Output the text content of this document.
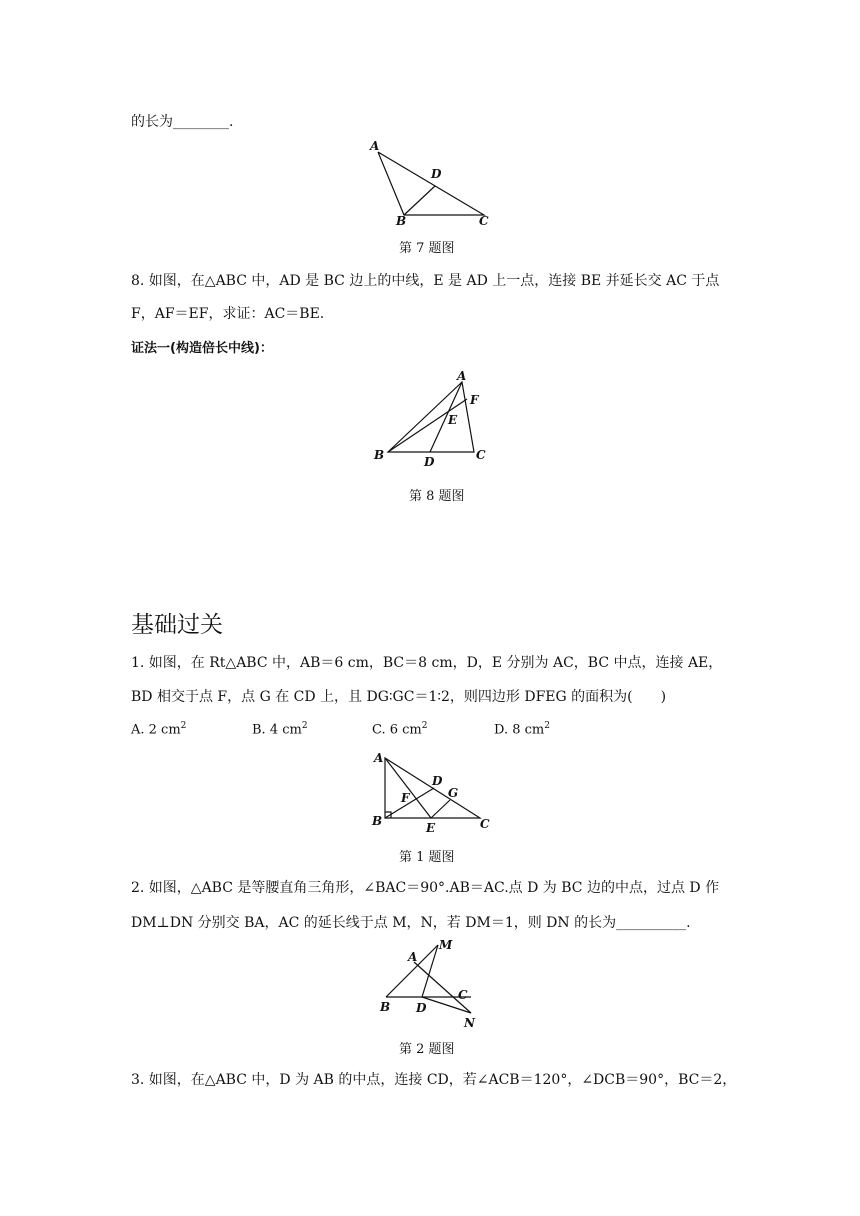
的长为________.
A
B	C
D
第 7 题图
8. 如图，在△ABC 中，AD 是 BC 边上的中线，E 是 AD 上一点，连接 BE 并延长交 AC 于点
F，AF＝EF，求证：AC＝BE.
证法一(构造倍长中线)：
A
B	C
D
E
F
第 8 题图
基础过关
1. 如图，在 Rt△ABC 中，AB＝6 cm，BC＝8 cm，D，E 分别为 AC，BC 中点，连接 AE，
BD 相交于点 F，点 G 在 CD 上，且 DG∶GC＝1∶2，则四边形 DFEG 的面积为(　　)
A. 2 $cm^2$	B. 4 $cm^2$	C. 6 $cm^2$	D. 8 $cm^2$
A
B	C
D
E
F	G
第 1 题图
2. 如图，△ABC 是等腰直角三角形，∠BAC＝90°.AB＝AC.点 D 为 BC 边的中点，过点 D 作
DM⊥DN 分别交 BA，AC 的延长线于点 M，N，若 DM＝1，则 DN 的长为__________.
A
B
C
D
M
N
第 2 题图
3. 如图，在△ABC 中，D 为 AB 的中点，连接 CD，若∠ACB＝120°，∠DCB＝90°，BC＝2，
